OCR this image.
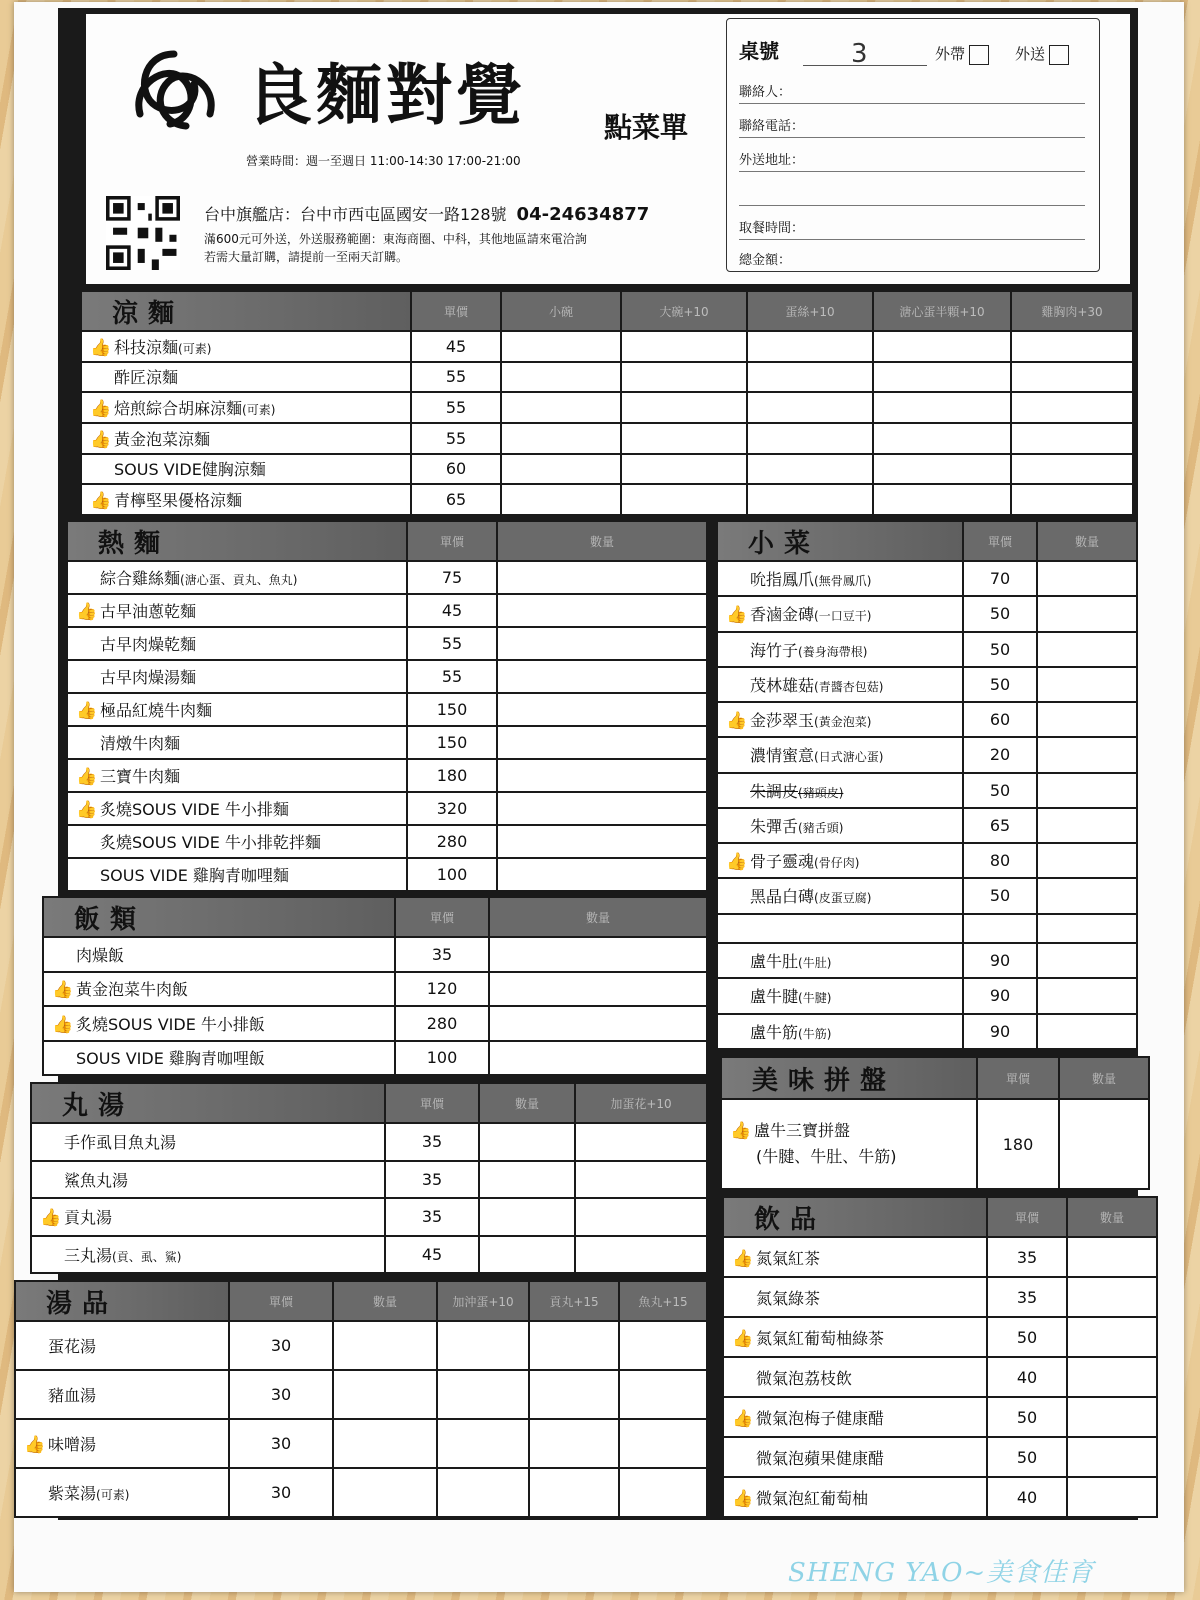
良麵對覺	點菜單
營業時間：週一至週日 11:00-14:30 17:00-21:00
台中旗艦店：台中市西屯區國安一路128號 04-24634877
滿600元可外送，外送服務範圍：東海商圈、中科，其他地區請來電洽詢
若需大量訂購，請提前一至兩天訂購。
桌號	3	外帶	外送
聯絡人：
聯絡電話：
外送地址：
取餐時間：
總金額：
涼麵	單價	小碗	大碗+10	蛋絲+10	溏心蛋半顆+10	雞胸肉+30
👍 科技涼麵(可素)	45					
酢匠涼麵	55					
👍 焙煎綜合胡麻涼麵(可素)	55					
👍 黃金泡菜涼麵	55					
SOUS VIDE健胸涼麵	60					
👍 青檸堅果優格涼麵	65					
熱麵	單價	數量
綜合雞絲麵(溏心蛋、貢丸、魚丸)	75	
👍 古早油蔥乾麵	45	
古早肉燥乾麵	55	
古早肉燥湯麵	55	
👍 極品紅燒牛肉麵	150	
清燉牛肉麵	150	
👍 三寶牛肉麵	180	
👍 炙燒SOUS VIDE 牛小排麵	320	
炙燒SOUS VIDE 牛小排乾拌麵	280	
SOUS VIDE 雞胸青咖哩麵	100	
飯類	單價	數量
肉燥飯	35	
👍 黃金泡菜牛肉飯	120	
👍 炙燒SOUS VIDE 牛小排飯	280	
SOUS VIDE 雞胸青咖哩飯	100	
丸湯	單價	數量	加蛋花+10
手作虱目魚丸湯	35		
鯊魚丸湯	35		
👍 貢丸湯	35		
三丸湯(貢、虱、鯊)	45		
湯品	單價	數量	加沖蛋+10	貢丸+15	魚丸+15
蛋花湯	30				
豬血湯	30				
👍 味噌湯	30				
紫菜湯(可素)	30				
小菜	單價	數量
吮指鳳爪(無骨鳳爪)	70	
👍 香滷金磚(一口豆干)	50	
海竹子(養身海帶根)	50	
茂林雄菇(青醬杏包菇)	50	
👍 金莎翠玉(黃金泡菜)	60	
濃情蜜意(日式溏心蛋)	20	
朱調皮(豬頭皮)	50	
朱彈舌(豬舌頭)	65	
👍 骨子靈魂(骨仔肉)	80	
黑晶白磚(皮蛋豆腐)	50	

盧牛肚(牛肚)	90	
盧牛腱(牛腱)	90	
盧牛筋(牛筋)	90	
美味拼盤	單價	數量
👍 盧牛三寶拼盤
(牛腱、牛肚、牛筋)	180	
飲品	單價	數量
👍 氮氣紅茶	35	
氮氣綠茶	35	
👍 氮氣紅葡萄柚綠茶	50	
微氣泡荔枝飲	40	
👍 微氣泡梅子健康醋	50	
微氣泡蘋果健康醋	50	
👍 微氣泡紅葡萄柚	40	
SHENG YAO~美食佳育
